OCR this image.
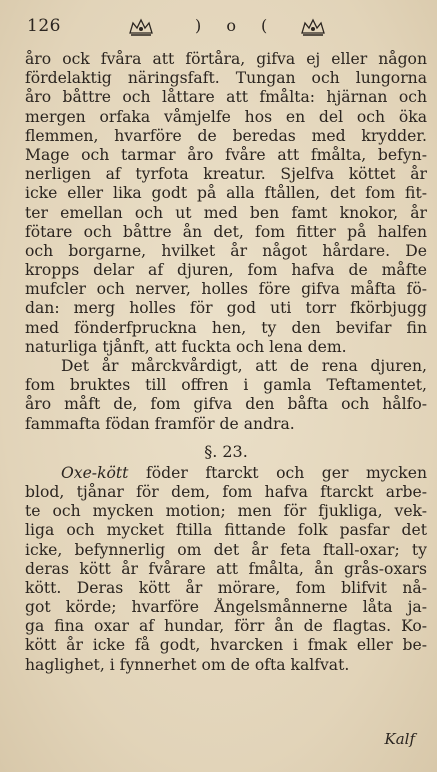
126	) o (
åro ock fvåra att förtåra, gifva ej eller någon
fördelaktig näringsfaft. Tungan och lungorna
åro båttre och låttare att fmålta: hjärnan och
mergen orfaka våmjelfe hos en del och öka
flemmen, hvarföre de beredas med krydder.
Mage och tarmar åro fvåre att fmålta, befyn-
nerligen af tyrfota kreatur. Sjelfva köttet år
icke eller lika godt på alla ftållen, det fom fit-
ter emellan och ut med ben famt knokor, år
fötare och båttre ån det, fom fitter på halfen
och borgarne, hvilket år något hårdare. De
kropps delar af djuren, fom hafva de måfte
mufcler och nerver, holles före gifva måfta fö-
dan: merg holles för god uti torr fkörbjugg
med fönderfpruckna hen, ty den bevifar fin
naturliga tjånft, att fuckta och lena dem.
Det år mårckvårdigt, att de rena djuren,
fom bruktes till offren i gamla Teftamentet,
åro måft de, fom gifva den båfta och hålfo-
fammafta födan framför de andra.
§. 23.
Oxe-kött föder ftarckt och ger mycken
blod, tjånar för dem, fom hafva ftarckt arbe-
te och mycken motion; men för fjukliga, vek-
liga och mycket ftilla fittande folk pasfar det
icke, befynnerlig om det år feta ftall-oxar; ty
deras kött år fvårare att fmålta, ån grås-oxars
kött. Deras kött år mörare, fom blifvit nå-
got körde; hvarföre Ångelsmånnerne låta ja-
ga fina oxar af hundar, förr ån de flagtas. Ko-
kött år icke få godt, hvarcken i fmak eller be-
haglighet, i fynnerhet om de ofta kalfvat.
Kalf
